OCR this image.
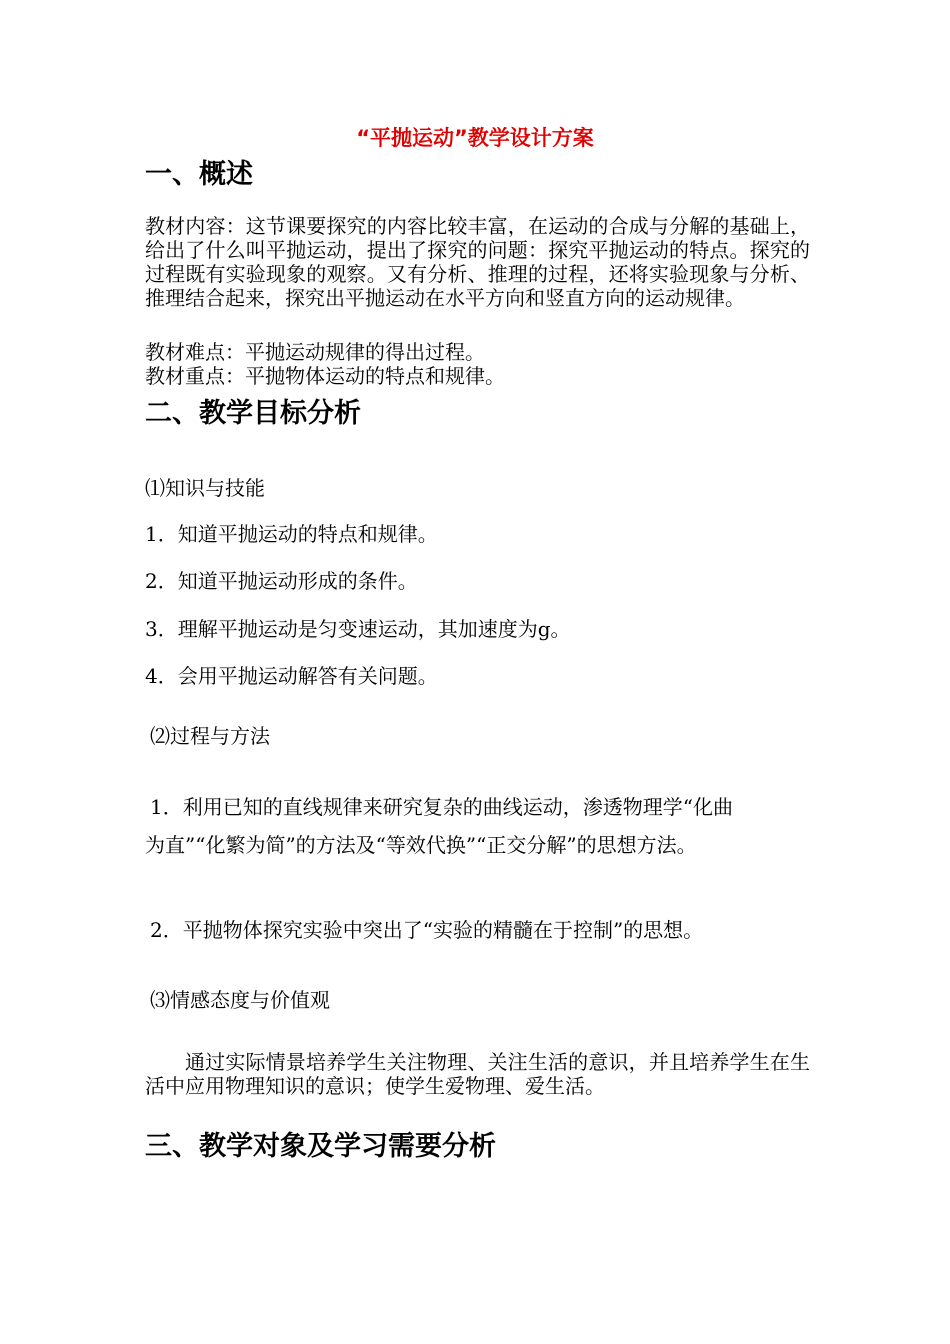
“平抛运动”教学设计方案
一、概述
教材内容：这节课要探究的内容比较丰富，在运动的合成与分解的基础上，给出了什么叫平抛运动，提出了探究的问题：探究平抛运动的特点。探究的过程既有实验现象的观察。又有分析、推理的过程，还将实验现象与分析、推理结合起来，探究出平抛运动在水平方向和竖直方向的运动规律。
教材难点：平抛运动规律的得出过程。
教材重点：平抛物体运动的特点和规律。
二、教学目标分析
⑴知识与技能
1．知道平抛运动的特点和规律。
2．知道平抛运动形成的条件。
3．理解平抛运动是匀变速运动，其加速度为g。
4．会用平抛运动解答有关问题。
⑵过程与方法
1．利用已知的直线规律来研究复杂的曲线运动，渗透物理学“化曲
为直”“化繁为简”的方法及“等效代换”“正交分解”的思想方法。
2．平抛物体探究实验中突出了“实验的精髓在于控制”的思想。
⑶情感态度与价值观
通过实际情景培养学生关注物理、关注生活的意识，并且培养学生在生活中应用物理知识的意识；使学生爱物理、爱生活。
三、教学对象及学习需要分析
